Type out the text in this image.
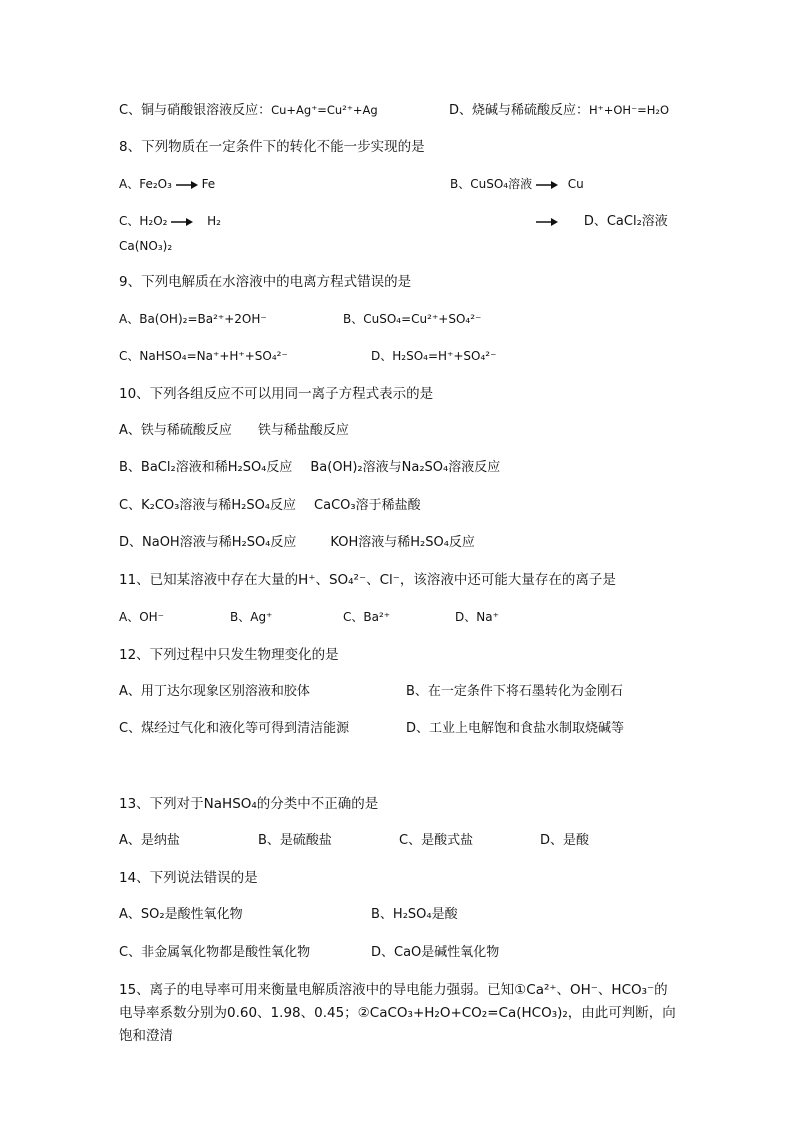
C、铜与硝酸银溶液反应：Cu+Ag⁺=Cu²⁺+Ag	D、烧碱与稀硫酸反应：H⁺+OH⁻=H₂O
8、下列物质在一定条件下的转化不能一步实现的是
A、Fe₂O₃ → Fe	B、CuSO₄溶液 → Cu
C、H₂O₂ → H₂	D、CaCl₂溶液
Ca(NO₃)₂
9、下列电解质在水溶液中的电离方程式错误的是
A、Ba(OH)₂=Ba²⁺+2OH⁻	B、CuSO₄=Cu²⁺+SO₄²⁻
C、NaHSO₄=Na⁺+H⁺+SO₄²⁻	D、H₂SO₄=H⁺+SO₄²⁻
10、下列各组反应不可以用同一离子方程式表示的是
A、铁与稀硫酸反应 铁与稀盐酸反应
B、BaCl₂溶液和稀H₂SO₄反应 Ba(OH)₂溶液与Na₂SO₄溶液反应
C、K₂CO₃溶液与稀H₂SO₄反应 CaCO₃溶于稀盐酸
D、NaOH溶液与稀H₂SO₄反应	KOH溶液与稀H₂SO₄反应
11、已知某溶液中存在大量的H⁺、SO₄²⁻、Cl⁻，该溶液中还可能大量存在的离子是
A、OH⁻	B、Ag⁺	C、Ba²⁺	D、Na⁺
12、下列过程中只发生物理变化的是
A、用丁达尔现象区别溶液和胶体	B、在一定条件下将石墨转化为金刚石
C、煤经过气化和液化等可得到清洁能源	D、工业上电解饱和食盐水制取烧碱等
13、下列对于NaHSO₄的分类中不正确的是
A、是纳盐	B、是硫酸盐	C、是酸式盐	D、是酸
14、下列说法错误的是
A、SO₂是酸性氧化物	B、H₂SO₄是酸
C、非金属氧化物都是酸性氧化物	D、CaO是碱性氧化物
15、离子的电导率可用来衡量电解质溶液中的导电能力强弱。已知①Ca²⁺、OH⁻、HCO₃⁻的电导率系数分别为0.60、1.98、0.45；②CaCO₃+H₂O+CO₂=Ca(HCO₃)₂，由此可判断，向饱和澄清
